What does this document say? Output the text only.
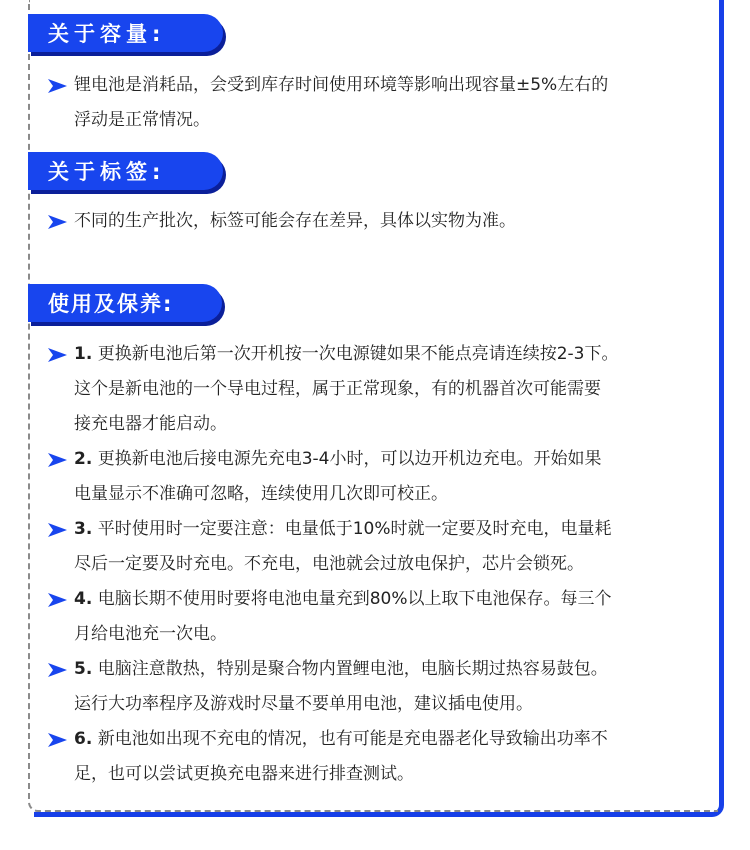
关于容量:
锂电池是消耗品，会受到库存时间使用环境等影响出现容量±5%左右的
浮动是正常情况。
关于标签:
不同的生产批次，标签可能会存在差异，具体以实物为准。
使用及保养:
1. 更换新电池后第一次开机按一次电源键如果不能点亮请连续按2-3下。
这个是新电池的一个导电过程，属于正常现象，有的机器首次可能需要
接充电器才能启动。
2. 更换新电池后接电源先充电3-4小时，可以边开机边充电。开始如果
电量显示不准确可忽略，连续使用几次即可校正。
3. 平时使用时一定要注意：电量低于10%时就一定要及时充电，电量耗
尽后一定要及时充电。不充电，电池就会过放电保护，芯片会锁死。
4. 电脑长期不使用时要将电池电量充到80%以上取下电池保存。每三个
月给电池充一次电。
5. 电脑注意散热，特别是聚合物内置鲤电池，电脑长期过热容易鼓包。
运行大功率程序及游戏时尽量不要单用电池，建议插电使用。
6. 新电池如出现不充电的情况，也有可能是充电器老化导致输出功率不
足，也可以尝试更换充电器来进行排查测试。
